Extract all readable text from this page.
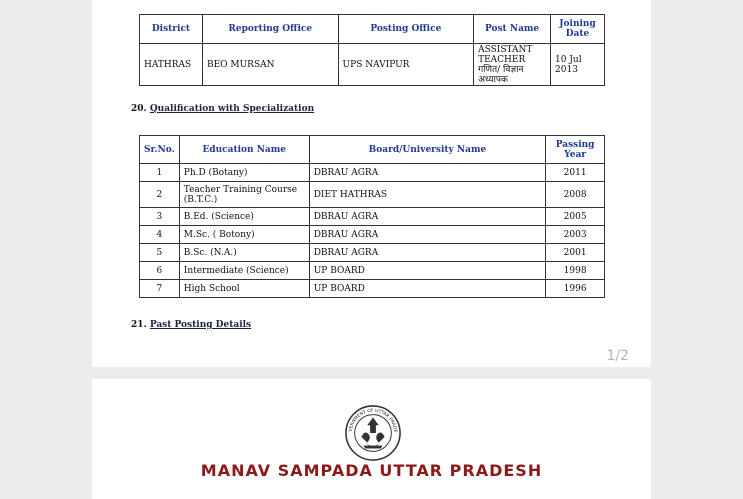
District	Reporting Office	Posting Office	Post Name	Joining Date
HATHRAS	BEO MURSAN	UPS NAVIPUR	ASSISTANT TEACHER गणित/ विज्ञान अध्यापक	10 Jul 2013
20. Qualification with Specialization
Sr.No.	Education Name	Board/University Name	Passing Year
1	Ph.D (Botany)	DBRAU AGRA	2011
2	Teacher Training Course (B.T.C.)	DIET HATHRAS	2008
3	B.Ed. (Science)	DBRAU AGRA	2005
4	M.Sc. ( Botony)	DBRAU AGRA	2003
5	B.Sc. (N.A.)	DBRAU AGRA	2001
6	Intermediate (Science)	UP BOARD	1998
7	High School	UP BOARD	1996
21. Past Posting Details
1/2
VERNMENT OF UTTAR PRADE
MANAV SAMPADA UTTAR PRADESH
